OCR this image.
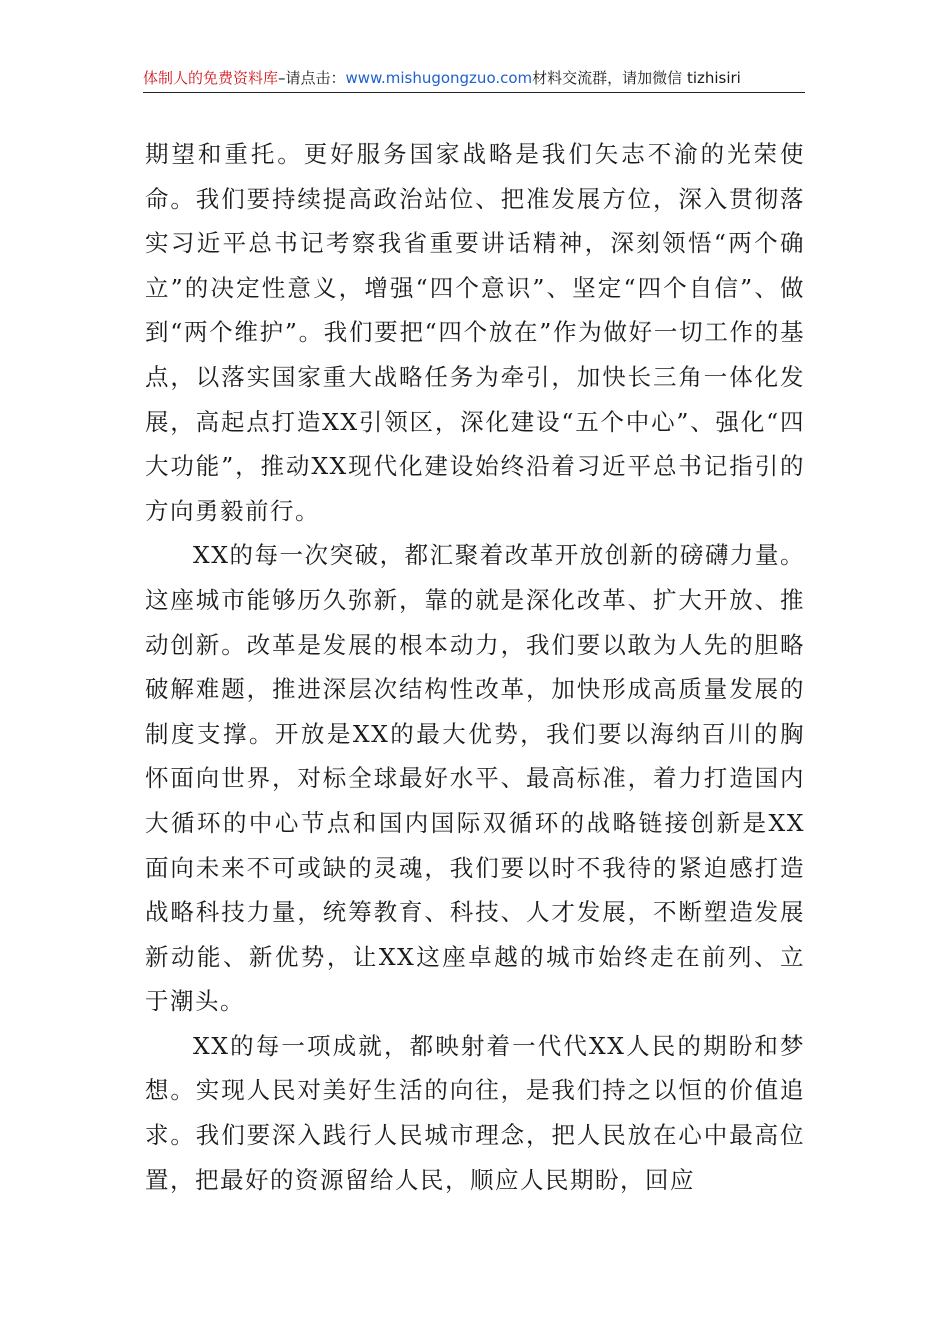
体制人的免费资料库–请点击：www.mishugongzuo.com材料交流群，请加微信 tizhisiri

期望和重托。更好服务国家战略是我们矢志不渝的光荣使命。我们要持续提高政治站位、把准发展方位，深入贯彻落实习近平总书记考察我省重要讲话精神，深刻领悟“两个确立”的决定性意义，增强“四个意识”、坚定“四个自信”、做到“两个维护”。我们要把“四个放在”作为做好一切工作的基点，以落实国家重大战略任务为牵引，加快长三角一体化发展，高起点打造XX引领区，深化建设“五个中心”、强化“四大功能”，推动XX现代化建设始终沿着习近平总书记指引的方向勇毅前行。

XX的每一次突破，都汇聚着改革开放创新的磅礴力量。这座城市能够历久弥新，靠的就是深化改革、扩大开放、推动创新。改革是发展的根本动力，我们要以敢为人先的胆略破解难题，推进深层次结构性改革，加快形成高质量发展的制度支撑。开放是XX的最大优势，我们要以海纳百川的胸怀面向世界，对标全球最好水平、最高标准，着力打造国内大循环的中心节点和国内国际双循环的战略链接创新是XX面向未来不可或缺的灵魂，我们要以时不我待的紧迫感打造战略科技力量，统筹教育、科技、人才发展，不断塑造发展新动能、新优势，让XX这座卓越的城市始终走在前列、立于潮头。

XX的每一项成就，都映射着一代代XX人民的期盼和梦想。实现人民对美好生活的向往，是我们持之以恒的价值追求。我们要深入践行人民城市理念，把人民放在心中最高位置，把最好的资源留给人民，顺应人民期盼，回应
